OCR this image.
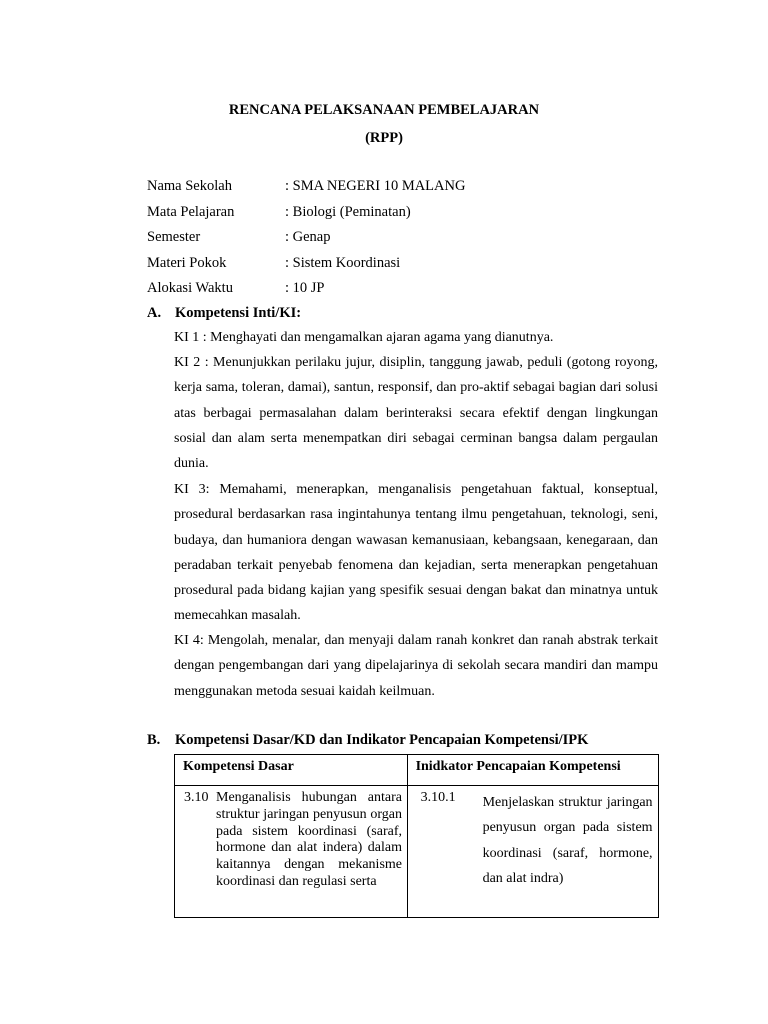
RENCANA PELAKSANAAN PEMBELAJARAN
(RPP)
Nama Sekolah	: SMA NEGERI 10 MALANG
Mata Pelajaran	: Biologi (Peminatan)
Semester	: Genap
Materi Pokok	: Sistem Koordinasi
Alokasi Waktu	: 10 JP
A. Kompetensi Inti/KI:

KI 1 : Menghayati dan mengamalkan ajaran agama yang dianutnya.

KI 2 : Menunjukkan perilaku jujur, disiplin, tanggung jawab, peduli (gotong royong, kerja sama, toleran, damai), santun, responsif, dan pro-aktif sebagai bagian dari solusi atas berbagai permasalahan dalam berinteraksi secara efektif dengan lingkungan sosial dan alam serta menempatkan diri sebagai cerminan bangsa dalam pergaulan dunia.

KI 3: Memahami, menerapkan, menganalisis pengetahuan faktual, konseptual, prosedural berdasarkan rasa ingintahunya tentang ilmu pengetahuan, teknologi, seni, budaya, dan humaniora dengan wawasan kemanusiaan, kebangsaan, kenegaraan, dan peradaban terkait penyebab fenomena dan kejadian, serta menerapkan pengetahuan prosedural pada bidang kajian yang spesifik sesuai dengan bakat dan minatnya untuk memecahkan masalah.

KI 4: Mengolah, menalar, dan menyaji dalam ranah konkret dan ranah abstrak terkait dengan pengembangan dari yang dipelajarinya di sekolah secara mandiri dan mampu menggunakan metoda sesuai kaidah keilmuan.

B. Kompetensi Dasar/KD dan Indikator Pencapaian Kompetensi/IPK
Kompetensi Dasar	Inidkator Pencapaian Kompetensi

3.10 Menganalisis hubungan antara struktur jaringan penyusun organ pada sistem koordinasi (saraf, hormone dan alat indera) dalam kaitannya dengan mekanisme koordinasi dan regulasi serta	3.10.1 Menjelaskan struktur jaringan penyusun organ pada sistem koordinasi (saraf, hormone, dan alat indra)
